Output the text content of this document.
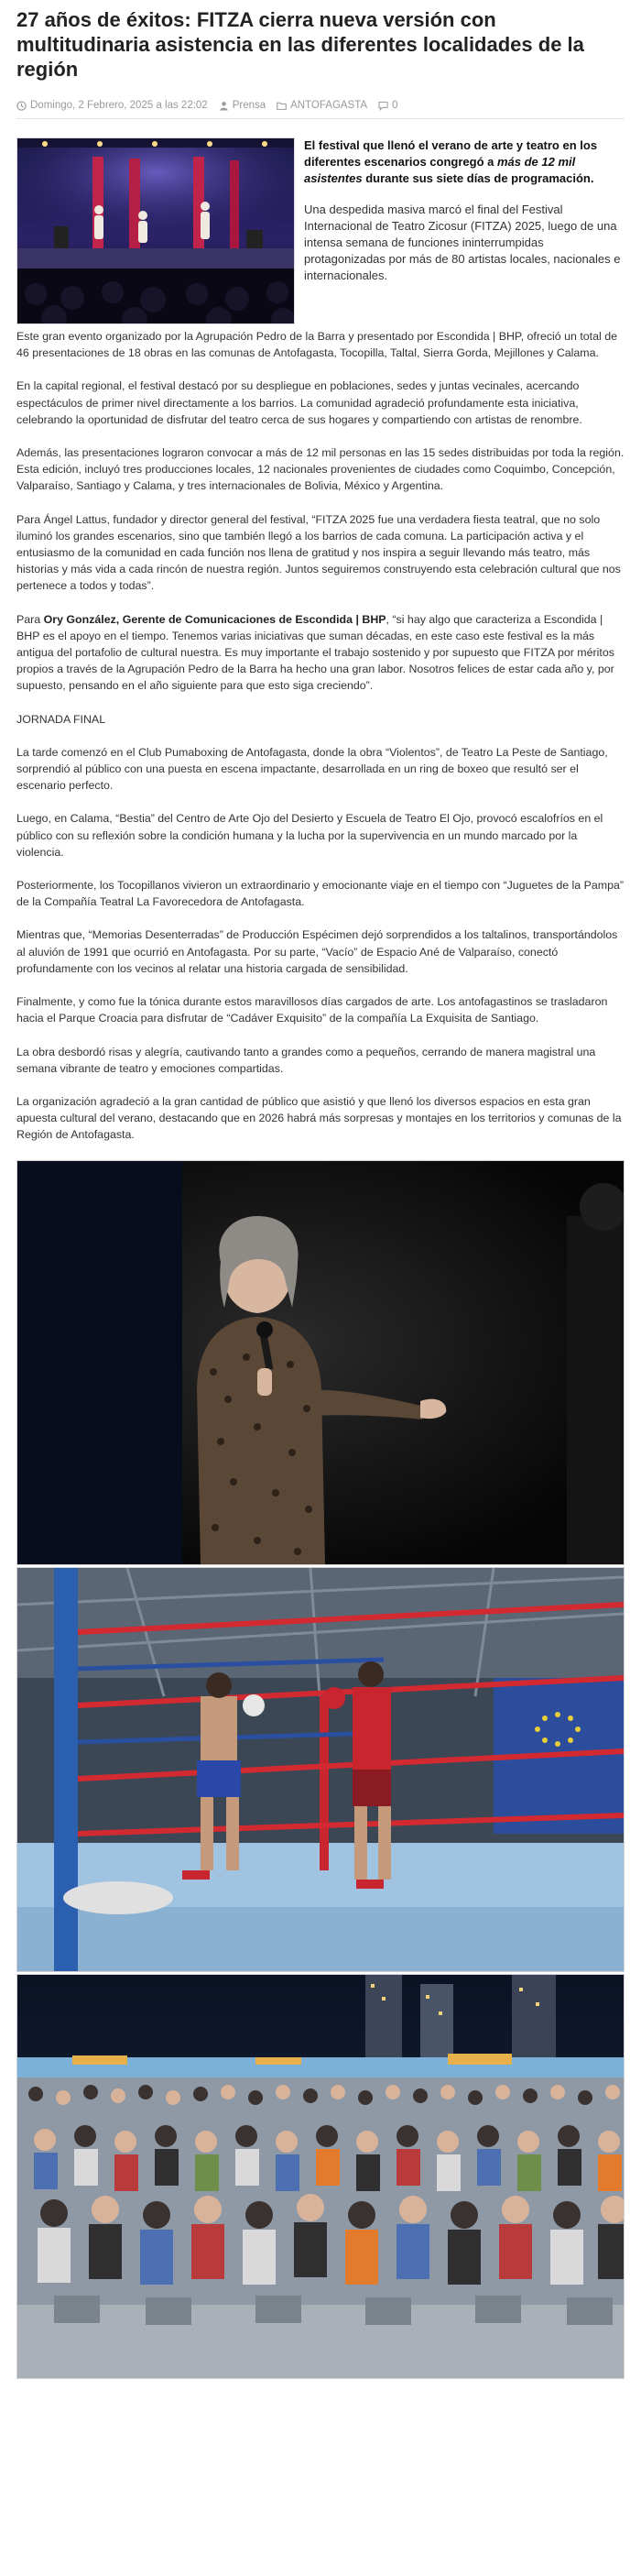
27 años de éxitos: FITZA cierra nueva versión con multitudinaria asistencia en las diferentes localidades de la región
Domingo, 2 Febrero, 2025 a las 22:02 Prensa ANTOFAGASTA 0

El festival que llenó el verano de arte y teatro en los diferentes escenarios congregó a más de 12 mil asistentes durante sus siete días de programación.

Una despedida masiva marcó el final del Festival Internacional de Teatro Zicosur (FITZA) 2025, luego de una intensa semana de funciones ininterrumpidas protagonizadas por más de 80 artistas locales, nacionales e internacionales.

Este gran evento organizado por la Agrupación Pedro de la Barra y presentado por Escondida | BHP, ofreció un total de 46 presentaciones de 18 obras en las comunas de Antofagasta, Tocopilla, Taltal, Sierra Gorda, Mejillones y Calama.

En la capital regional, el festival destacó por su despliegue en poblaciones, sedes y juntas vecinales, acercando espectáculos de primer nivel directamente a los barrios. La comunidad agradeció profundamente esta iniciativa, celebrando la oportunidad de disfrutar del teatro cerca de sus hogares y compartiendo con artistas de renombre.

Además, las presentaciones lograron convocar a más de 12 mil personas en las 15 sedes distribuidas por toda la región. Esta edición, incluyó tres producciones locales, 12 nacionales provenientes de ciudades como Coquimbo, Concepción, Valparaíso, Santiago y Calama, y tres internacionales de Bolivia, México y Argentina.

Para Ángel Lattus, fundador y director general del festival, “FITZA 2025 fue una verdadera fiesta teatral, que no solo iluminó los grandes escenarios, sino que también llegó a los barrios de cada comuna. La participación activa y el entusiasmo de la comunidad en cada función nos llena de gratitud y nos inspira a seguir llevando más teatro, más historias y más vida a cada rincón de nuestra región. Juntos seguiremos construyendo esta celebración cultural que nos pertenece a todos y todas”.

Para Ory González, Gerente de Comunicaciones de Escondida | BHP, “si hay algo que caracteriza a Escondida | BHP es el apoyo en el tiempo. Tenemos varias iniciativas que suman décadas, en este caso este festival es la más antigua del portafolio de cultural nuestra. Es muy importante el trabajo sostenido y por supuesto que FITZA por méritos propios a través de la Agrupación Pedro de la Barra ha hecho una gran labor. Nosotros felices de estar cada año y, por supuesto, pensando en el año siguiente para que esto siga creciendo”.

JORNADA FINAL

La tarde comenzó en el Club Pumaboxing de Antofagasta, donde la obra “Violentos”, de Teatro La Peste de Santiago, sorprendió al público con una puesta en escena impactante, desarrollada en un ring de boxeo que resultó ser el escenario perfecto.

Luego, en Calama, “Bestia” del Centro de Arte Ojo del Desierto y Escuela de Teatro El Ojo, provocó escalofríos en el público con su reflexión sobre la condición humana y la lucha por la supervivencia en un mundo marcado por la violencia.

Posteriormente, los Tocopillanos vivieron un extraordinario y emocionante viaje en el tiempo con “Juguetes de la Pampa” de la Compañía Teatral La Favorecedora de Antofagasta.

Mientras que, “Memorias Desenterradas” de Producción Espécimen dejó sorprendidos a los taltalinos, transportándolos al aluvión de 1991 que ocurrió en Antofagasta. Por su parte, “Vacío” de Espacio Ané de Valparaíso, conectó profundamente con los vecinos al relatar una historia cargada de sensibilidad.

Finalmente, y como fue la tónica durante estos maravillosos días cargados de arte. Los antofagastinos se trasladaron hacia el Parque Croacia para disfrutar de “Cadáver Exquisito” de la compañía La Exquisita de Santiago.

La obra desbordó risas y alegría, cautivando tanto a grandes como a pequeños, cerrando de manera magistral una semana vibrante de teatro y emociones compartidas.

La organización agradeció a la gran cantidad de público que asistió y que llenó los diversos espacios en esta gran apuesta cultural del verano, destacando que en 2026 habrá más sorpresas y montajes en los territorios y comunas de la Región de Antofagasta.
